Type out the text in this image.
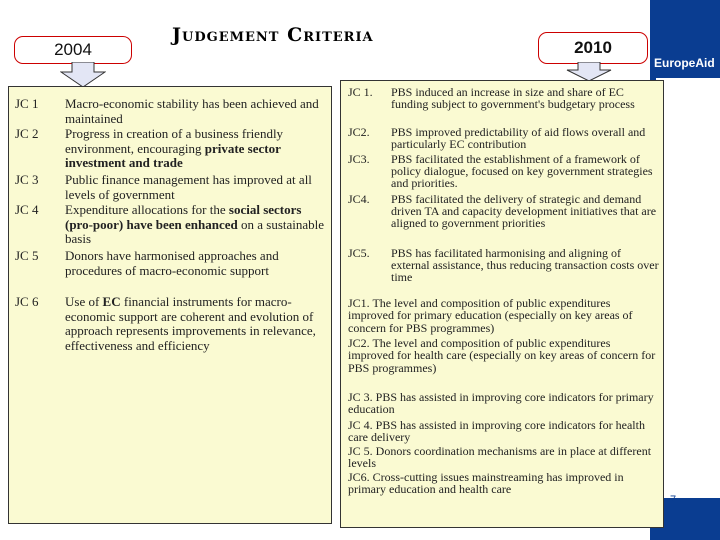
EuropeAid
7
Judgement Criteria
2004	2010
JC 1	Macro-economic stability has been achieved and maintained
JC 2	Progress in creation of a business friendly environment, encouraging private sector investment and trade
JC 3	Public finance management has improved at all levels of government
JC 4	Expenditure allocations for the social sectors (pro-poor) have been enhanced on a sustainable basis
JC 5	Donors have harmonised approaches and procedures of macro-economic support
JC 6	Use of EC financial instruments for macro-economic support are coherent and evolution of approach represents improvements in relevance, effectiveness and efficiency
JC 1.	PBS induced an increase in size and share of EC funding subject to government's budgetary process
JC2.	PBS improved predictability of aid flows overall and particularly EC contribution
JC3.	PBS facilitated the establishment of a framework of policy dialogue, focused on key government strategies and priorities.
JC4.	PBS facilitated the delivery of strategic and demand driven TA and capacity development initiatives that are aligned to government priorities
JC5.	PBS has facilitated harmonising and aligning of external assistance, thus reducing transaction costs over time
JC1. The level and composition of public expenditures improved for primary education (especially on key areas of concern for PBS programmes)
JC2. The level and composition of public expenditures improved for health care (especially on key areas of concern for PBS programmes)
JC 3. PBS has assisted in improving core indicators for primary education
JC 4. PBS has assisted in improving core indicators for health care delivery
JC 5. Donors coordination mechanisms are in place at different levels
JC6. Cross-cutting issues mainstreaming has improved in primary education and health care
